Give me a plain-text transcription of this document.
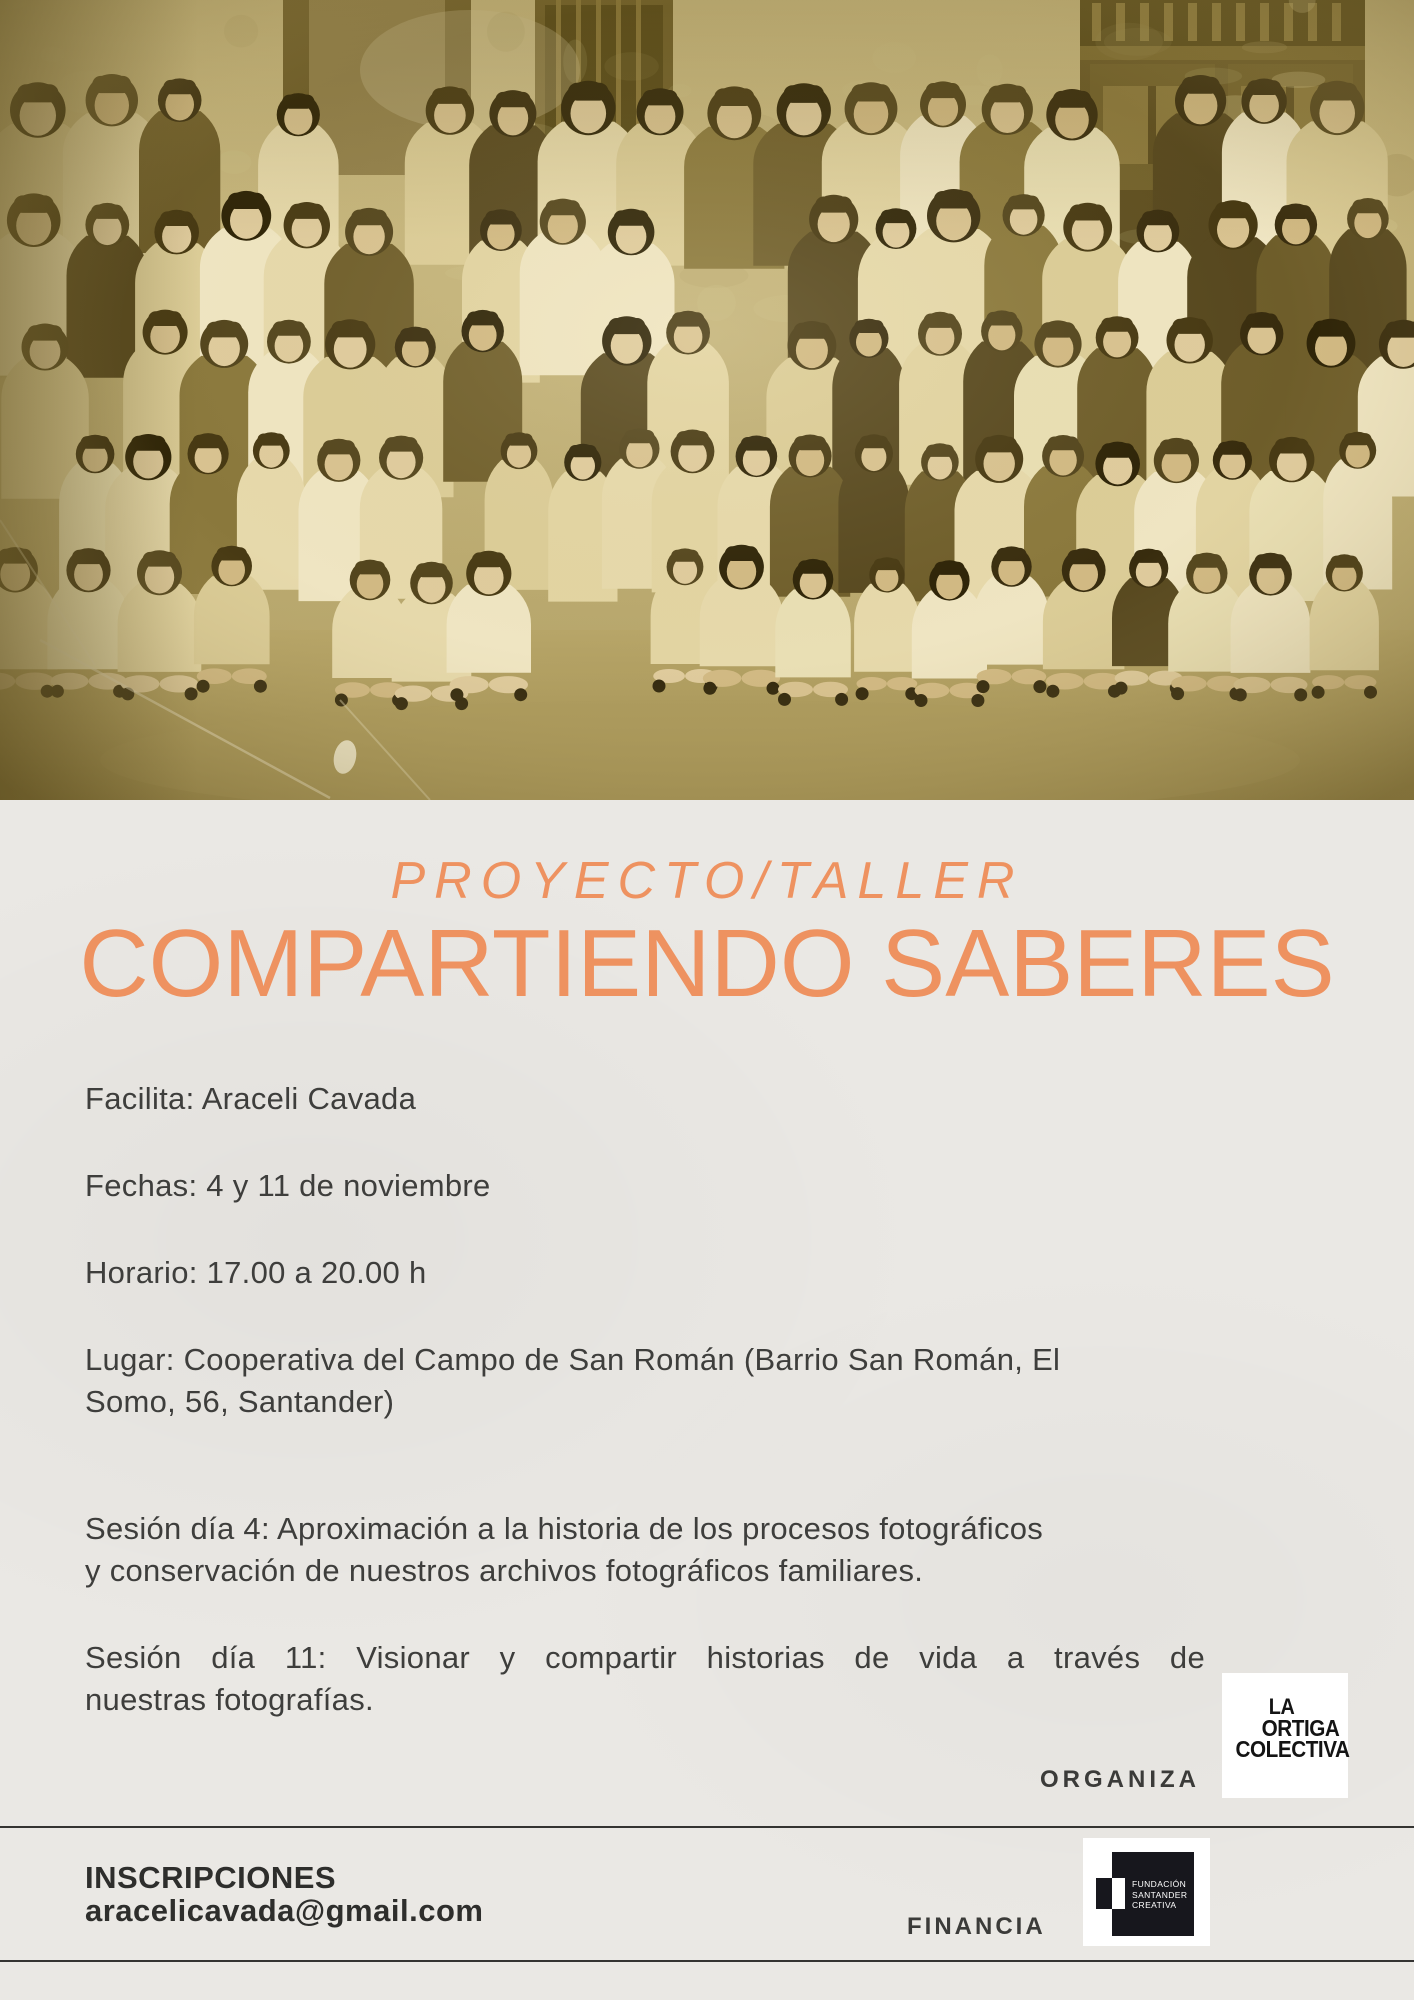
PROYECTO/TALLER
COMPARTIENDO SABERES

Facilita: Araceli Cavada

Fechas: 4 y 11 de noviembre

Horario: 17.00 a 20.00 h

Lugar: Cooperativa del Campo de San Román (Barrio San Román, El
Somo, 56, Santander)

Sesión día 4: Aproximación a la historia de los procesos fotográficos
y conservación de nuestros archivos fotográficos familiares.

Sesión día 11: Visionar y compartir historias de vida a través de
nuestras fotografías.

ORGANIZA
LA
ORTIGA
COLECTIVA
INSCRIPCIONES
aracelicavada@gmail.com	FINANCIA
FUNDACIÓN
SANTANDER
CREATIVA
